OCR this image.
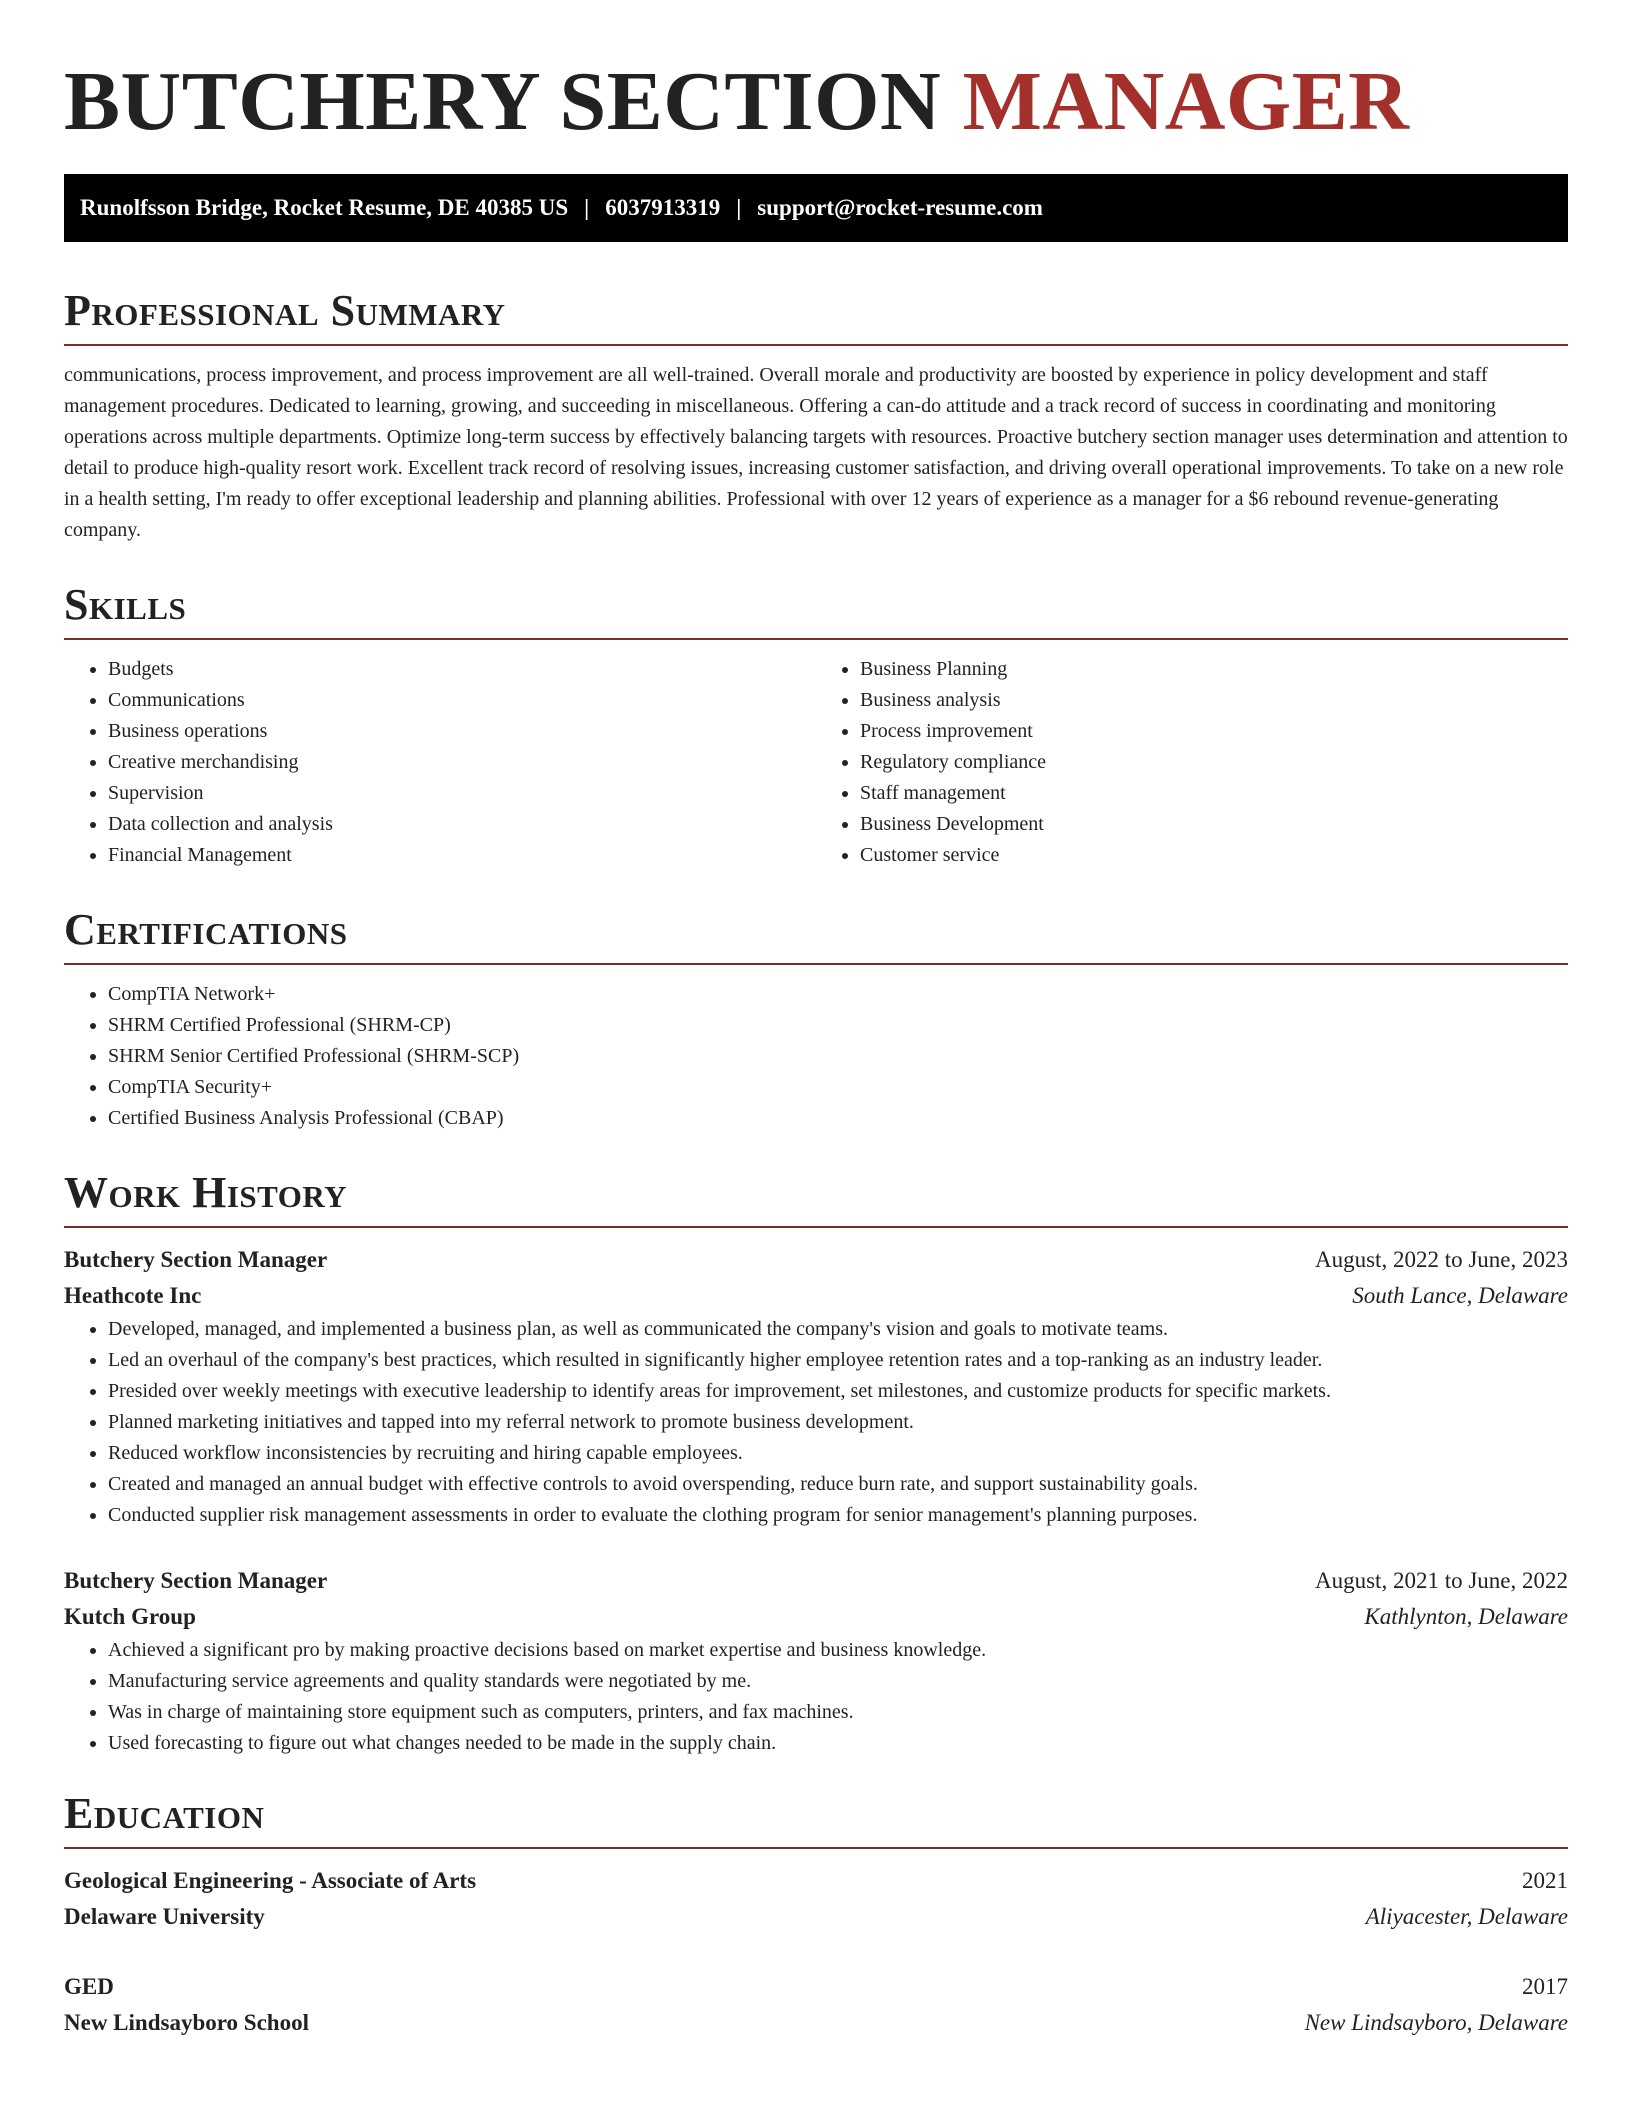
BUTCHERY SECTION MANAGER
Runolfsson Bridge, Rocket Resume, DE 40385 US | 6037913319 | support@rocket-resume.com
Professional Summary

communications, process improvement, and process improvement are all well-trained. Overall morale and productivity are boosted by experience in policy development and staff management procedures. Dedicated to learning, growing, and succeeding in miscellaneous. Offering a can-do attitude and a track record of success in coordinating and monitoring operations across multiple departments. Optimize long-term success by effectively balancing targets with resources. Proactive butchery section manager uses determination and attention to detail to produce high-quality resort work. Excellent track record of resolving issues, increasing customer satisfaction, and driving overall operational improvements. To take on a new role in a health setting, I'm ready to offer exceptional leadership and planning abilities. Professional with over 12 years of experience as a manager for a $6 rebound revenue-generating company.

Skills
• Budgets
• Communications
• Business operations
• Creative merchandising
• Supervision
• Data collection and analysis
• Financial Management
• Business Planning
• Business analysis
• Process improvement
• Regulatory compliance
• Staff management
• Business Development
• Customer service
Certifications
• CompTIA Network+
• SHRM Certified Professional (SHRM-CP)
• SHRM Senior Certified Professional (SHRM-SCP)
• CompTIA Security+
• Certified Business Analysis Professional (CBAP)
Work History
Butchery Section Manager	August, 2022 to June, 2023
Heathcote Inc	South Lance, Delaware
• Developed, managed, and implemented a business plan, as well as communicated the company's vision and goals to motivate teams.
• Led an overhaul of the company's best practices, which resulted in significantly higher employee retention rates and a top-ranking as an industry leader.
• Presided over weekly meetings with executive leadership to identify areas for improvement, set milestones, and customize products for specific markets.
• Planned marketing initiatives and tapped into my referral network to promote business development.
• Reduced workflow inconsistencies by recruiting and hiring capable employees.
• Created and managed an annual budget with effective controls to avoid overspending, reduce burn rate, and support sustainability goals.
• Conducted supplier risk management assessments in order to evaluate the clothing program for senior management's planning purposes.
Butchery Section Manager	August, 2021 to June, 2022
Kutch Group	Kathlynton, Delaware
• Achieved a significant pro by making proactive decisions based on market expertise and business knowledge.
• Manufacturing service agreements and quality standards were negotiated by me.
• Was in charge of maintaining store equipment such as computers, printers, and fax machines.
• Used forecasting to figure out what changes needed to be made in the supply chain.
Education
Geological Engineering - Associate of Arts	2021
Delaware University	Aliyacester, Delaware
GED	2017
New Lindsayboro School	New Lindsayboro, Delaware
